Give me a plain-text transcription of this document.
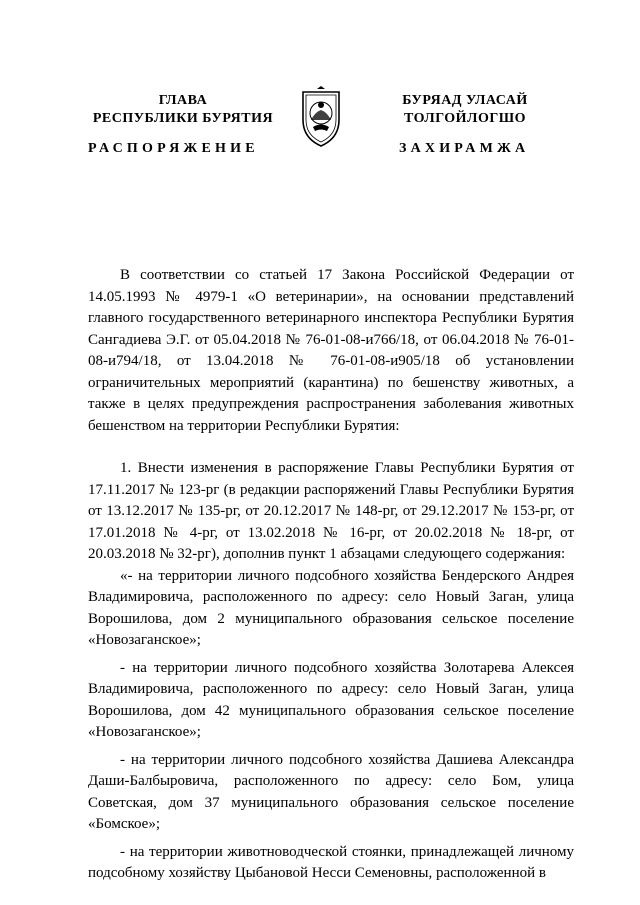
ГЛАВА
РЕСПУБЛИКИ БУРЯТИЯ
БУРЯАД УЛАСАЙ
ТОЛГОЙЛОГШО
РАСПОРЯЖЕНИЕ	ЗАХИРАМЖА

В соответствии со статьей 17 Закона Российской Федерации от 14.05.1993 № 4979-1 «О ветеринарии», на основании представлений главного государственного ветеринарного инспектора Республики Бурятия Сангадиева Э.Г. от 05.04.2018 № 76-01-08-и766/18, от 06.04.2018 № 76-01-08-и794/18, от 13.04.2018 № 76-01-08-и905/18 об установлении ограничительных мероприятий (карантина) по бешенству животных, а также в целях предупреждения распространения заболевания животных бешенством на территории Республики Бурятия:

1. Внести изменения в распоряжение Главы Республики Бурятия от 17.11.2017 № 123-рг (в редакции распоряжений Главы Республики Бурятия от 13.12.2017 № 135-рг, от 20.12.2017 № 148-рг, от 29.12.2017 № 153-рг, от 17.01.2018 № 4-рг, от 13.02.2018 № 16-рг, от 20.02.2018 № 18-рг, от 20.03.2018 № 32-рг), дополнив пункт 1 абзацами следующего содержания:

«- на территории личного подсобного хозяйства Бендерского Андрея Владимировича, расположенного по адресу: село Новый Заган, улица Ворошилова, дом 2 муниципального образования сельское поселение «Новозаганское»;

- на территории личного подсобного хозяйства Золотарева Алексея Владимировича, расположенного по адресу: село Новый Заган, улица Ворошилова, дом 42 муниципального образования сельское поселение «Новозаганское»;

- на территории личного подсобного хозяйства Дашиева Александра Даши-Балбыровича, расположенного по адресу: село Бом, улица Советская, дом 37 муниципального образования сельское поселение «Бомское»;

- на территории животноводческой стоянки, принадлежащей личному подсобному хозяйству Цыбановой Несси Семеновны, расположенной в
